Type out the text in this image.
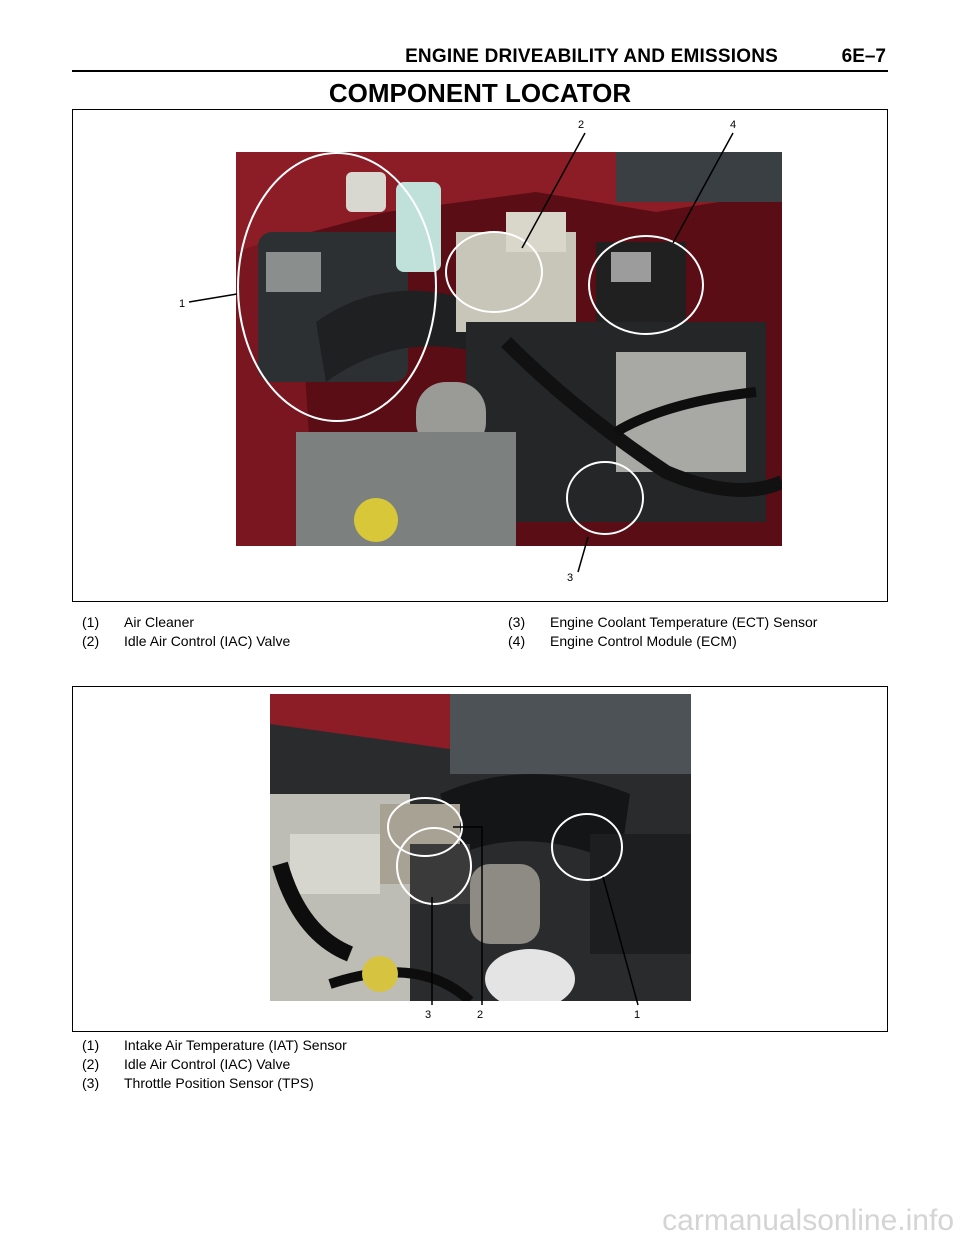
ENGINE DRIVEABILITY AND EMISSIONS	6E–7
COMPONENT LOCATOR
1
2	4
3
(1) Air Cleaner
(2) Idle Air Control (IAC) Valve
(3) Engine Coolant Temperature (ECT) Sensor
(4) Engine Control Module (ECM)
3	2	1
(1) Intake Air Temperature (IAT) Sensor
(2) Idle Air Control (IAC) Valve
(3) Throttle Position Sensor (TPS)
carmanualsonline.info
